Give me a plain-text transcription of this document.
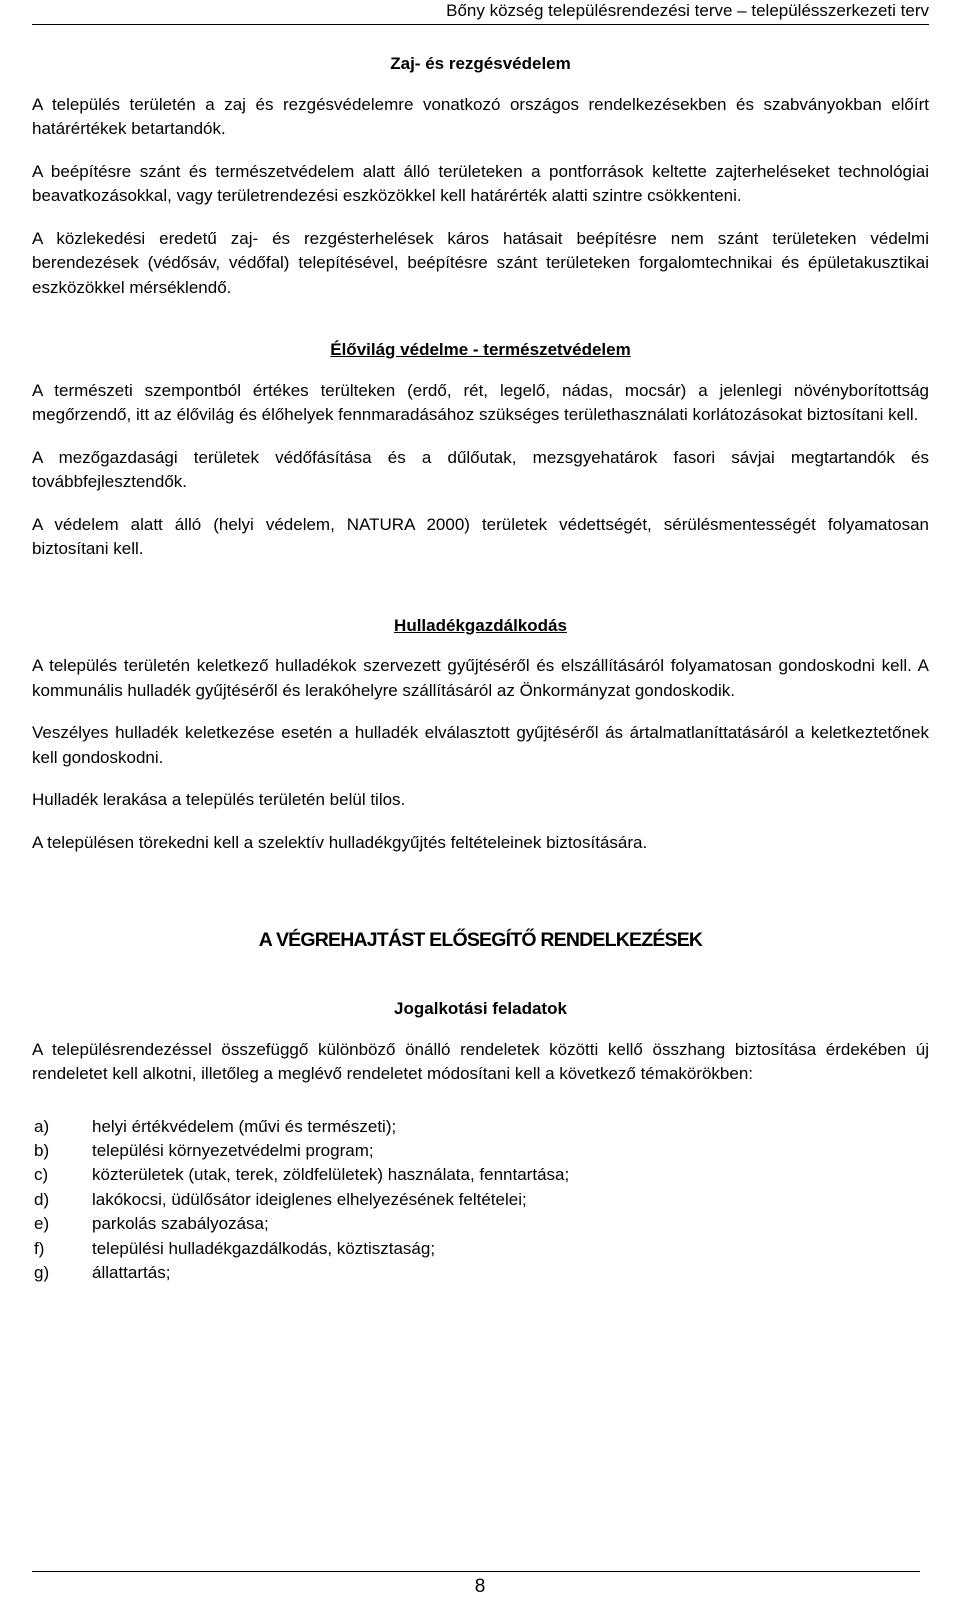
Bőny község településrendezési terve – településszerkezeti terv
Zaj- és rezgésvédelem

A település területén a zaj és rezgésvédelemre vonatkozó országos rendelkezésekben és szabványokban előírt határértékek betartandók.

A beépítésre szánt és természetvédelem alatt álló területeken a pontforrások keltette zajterheléseket technológiai beavatkozásokkal, vagy területrendezési eszközökkel kell határérték alatti szintre csökkenteni.

A közlekedési eredetű zaj- és rezgésterhelések káros hatásait beépítésre nem szánt területeken védelmi berendezések (védősáv, védőfal) telepítésével, beépítésre szánt területeken forgalomtechnikai és épületakusztikai eszközökkel mérséklendő.

Élővilág védelme - természetvédelem

A természeti szempontból értékes terülteken (erdő, rét, legelő, nádas, mocsár) a jelenlegi növényborítottság megőrzendő, itt az élővilág és élőhelyek fennmaradásához szükséges területhasználati korlátozásokat biztosítani kell.

A mezőgazdasági területek védőfásítása és a dűlőutak, mezsgyehatárok fasori sávjai megtartandók és továbbfejlesztendők.

A védelem alatt álló (helyi védelem, NATURA 2000) területek védettségét, sérülésmentességét folyamatosan biztosítani kell.

Hulladékgazdálkodás

A település területén keletkező hulladékok szervezett gyűjtéséről és elszállításáról folyamatosan gondoskodni kell. A kommunális hulladék gyűjtéséről és lerakóhelyre szállításáról az Önkormányzat gondoskodik.

Veszélyes hulladék keletkezése esetén a hulladék elválasztott gyűjtéséről ás ártalmatlaníttatásáról a keletkeztetőnek kell gondoskodni.

Hulladék lerakása a település területén belül tilos.

A településen törekedni kell a szelektív hulladékgyűjtés feltételeinek biztosítására.

A VÉGREHAJTÁST ELŐSEGÍTŐ RENDELKEZÉSEK
Jogalkotási feladatok

A településrendezéssel összefüggő különböző önálló rendeletek közötti kellő összhang biztosítása érdekében új rendeletet kell alkotni, illetőleg a meglévő rendeletet módosítani kell a következő témakörökben:

a)	helyi értékvédelem (művi és természeti);
b)	települési környezetvédelmi program;
c)	közterületek (utak, terek, zöldfelületek) használata, fenntartása;
d)	lakókocsi, üdülősátor ideiglenes elhelyezésének feltételei;
e)	parkolás szabályozása;
f)	települési hulladékgazdálkodás, köztisztaság;
g)	állattartás;
8
